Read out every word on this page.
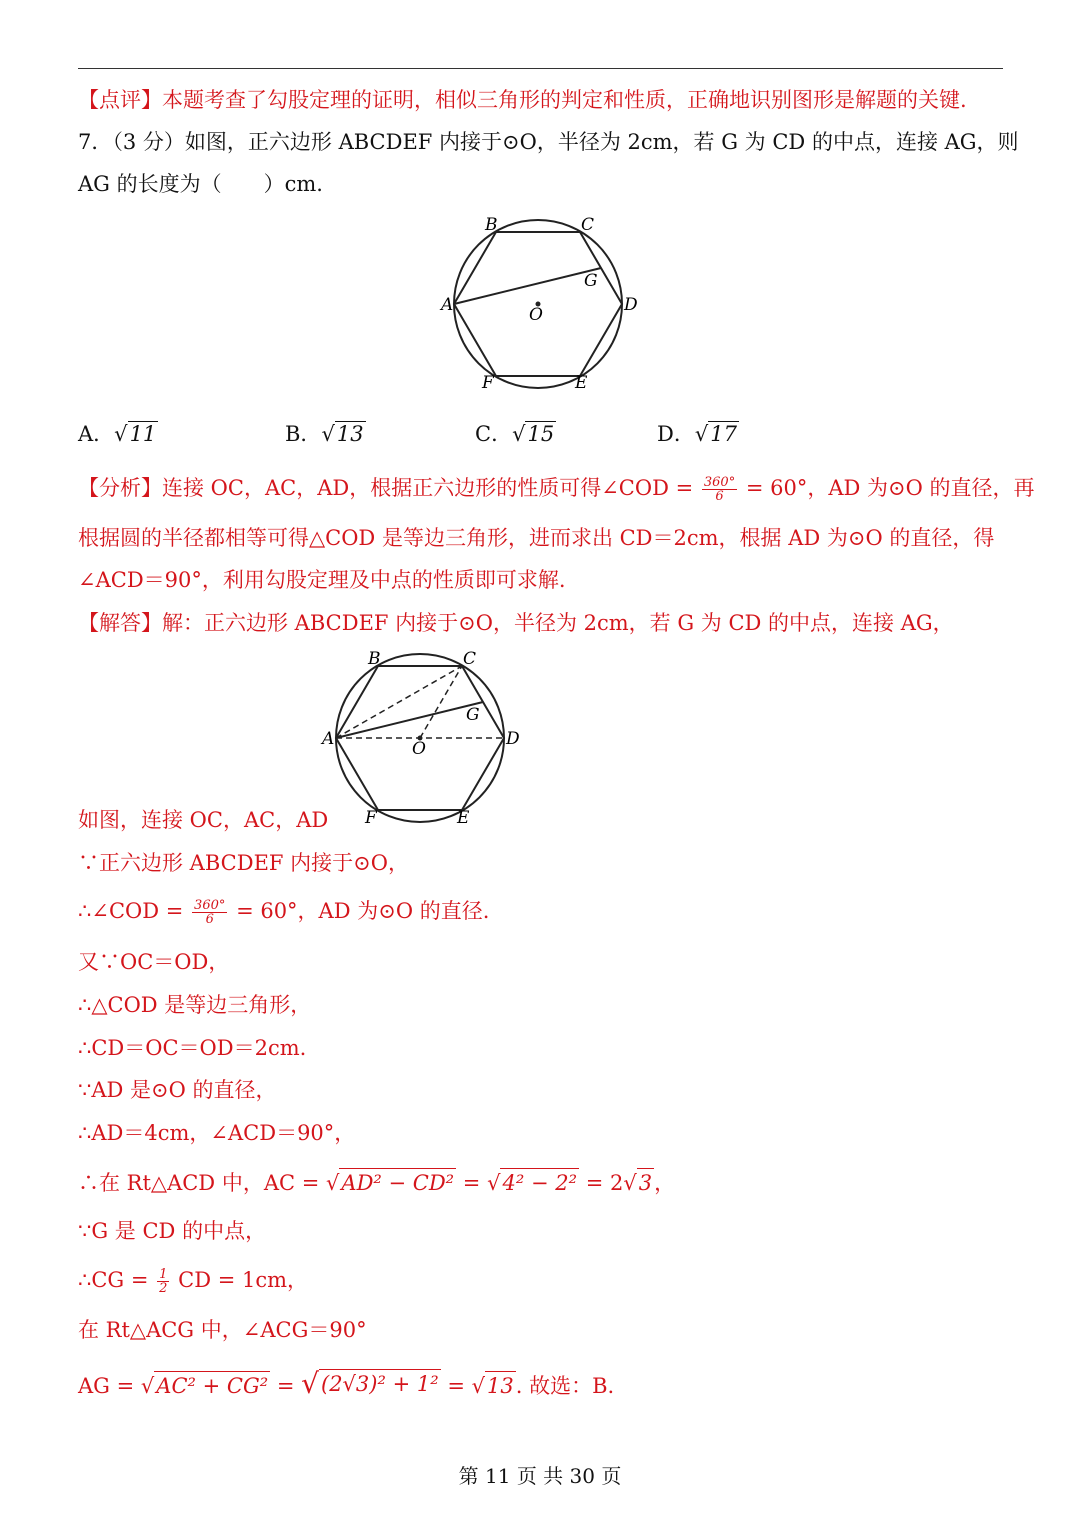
【点评】本题考查了勾股定理的证明，相似三角形的判定和性质，正确地识别图形是解题的关键.
7．（3 分）如图，正六边形 ABCDEF 内接于⊙O，半径为 2cm，若 G 为 CD 的中点，连接 AG，则
AG 的长度为（　　）cm.
B	C
G
A	O	D
F	E
A． √ 11	B． √ 13	C． √ 15	D． √ 17
【分析】连接 OC，AC，AD，根据正六边形的性质可得∠COD = $\frac{360^\circ}{6} = 60^\circ$，AD 为⊙O 的直径，再
根据圆的半径都相等可得△COD 是等边三角形，进而求出 CD＝2cm，根据 AD 为⊙O 的直径，得
∠ACD＝90°，利用勾股定理及中点的性质即可求解.
【解答】解：正六边形 ABCDEF 内接于⊙O，半径为 2cm，若 G 为 CD 的中点，连接 AG，
B	C
G
A	O	D
F	E
如图，连接 OC，AC，AD
∵正六边形 ABCDEF 内接于⊙O，
∴∠COD = $\frac{360^\circ}{6} = 60^\circ$，AD 为⊙O 的直径.
又∵OC＝OD，
∴△COD 是等边三角形，
∴CD＝OC＝OD＝2cm.
∵AD 是⊙O 的直径，
∴AD＝4cm，∠ACD＝90°，
∴在 Rt△ACD 中，AC = √ AD² − CD² = √ 4² − 2² = 2 √ 3 ，
∵G 是 CD 的中点，
∴CG = $\frac{1}{2}$ CD = 1cm，
在 Rt△ACG 中，∠ACG＝90°
AG = √ AC² + CG² = √ (2√3)² + 1² = √ 13 . 故选：B.
第 11 页 共 30 页
